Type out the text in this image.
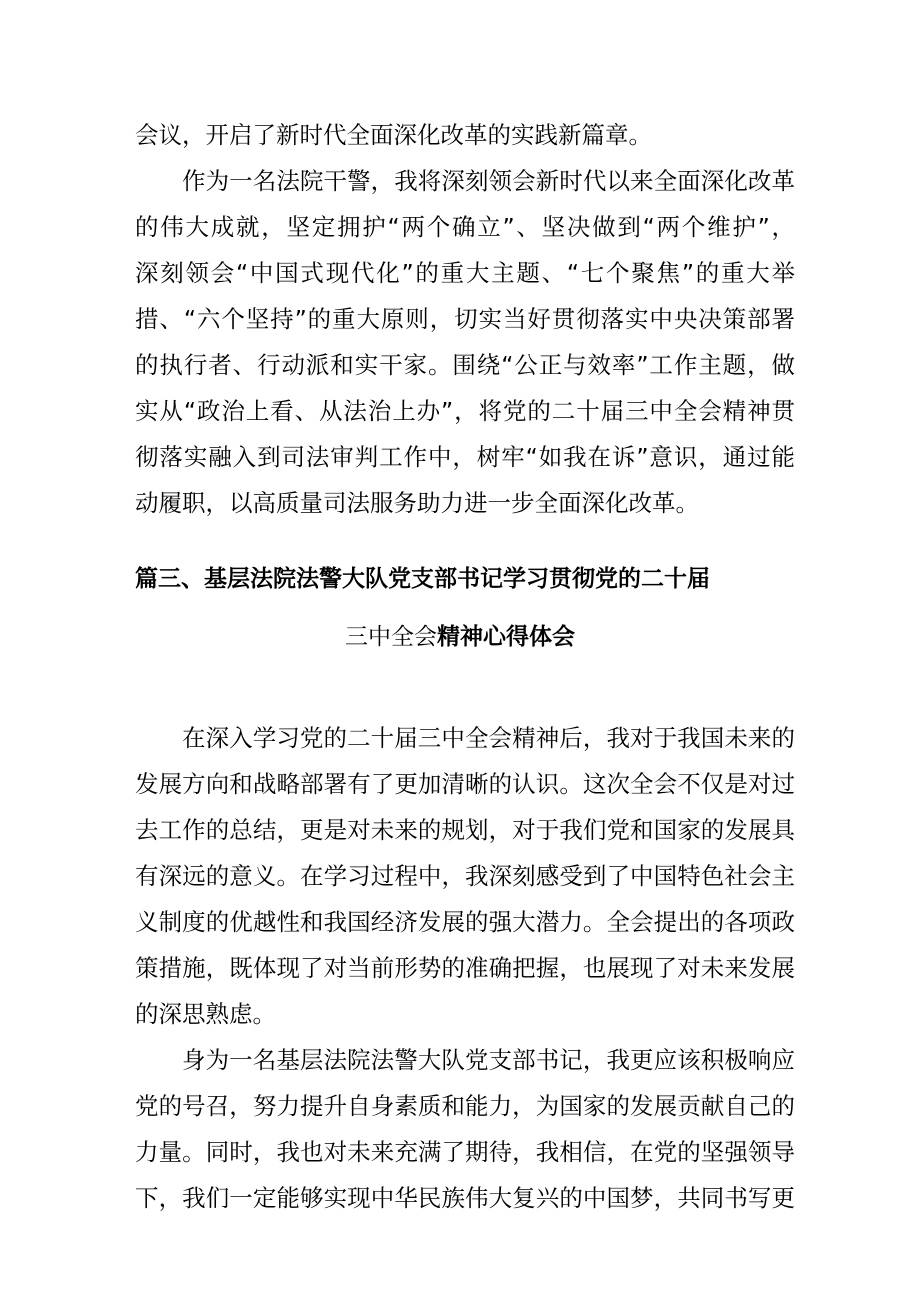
会议，开启了新时代全面深化改革的实践新篇章。
作为一名法院干警，我将深刻领会新时代以来全面深化改革
的伟大成就，坚定拥护“两个确立”、坚决做到“两个维护”，
深刻领会“中国式现代化”的重大主题、“七个聚焦”的重大举
措、“六个坚持”的重大原则，切实当好贯彻落实中央决策部署
的执行者、行动派和实干家。围绕“公正与效率”工作主题，做
实从“政治上看、从法治上办”，将党的二十届三中全会精神贯
彻落实融入到司法审判工作中，树牢“如我在诉”意识，通过能
动履职，以高质量司法服务助力进一步全面深化改革。
篇三、基层法院法警大队党支部书记学习贯彻党的二十届
三中全会精神心得体会
在深入学习党的二十届三中全会精神后，我对于我国未来的
发展方向和战略部署有了更加清晰的认识。这次全会不仅是对过
去工作的总结，更是对未来的规划，对于我们党和国家的发展具
有深远的意义。在学习过程中，我深刻感受到了中国特色社会主
义制度的优越性和我国经济发展的强大潜力。全会提出的各项政
策措施，既体现了对当前形势的准确把握，也展现了对未来发展
的深思熟虑。
身为一名基层法院法警大队党支部书记，我更应该积极响应
党的号召，努力提升自身素质和能力，为国家的发展贡献自己的
力量。同时，我也对未来充满了期待，我相信，在党的坚强领导
下，我们一定能够实现中华民族伟大复兴的中国梦，共同书写更
